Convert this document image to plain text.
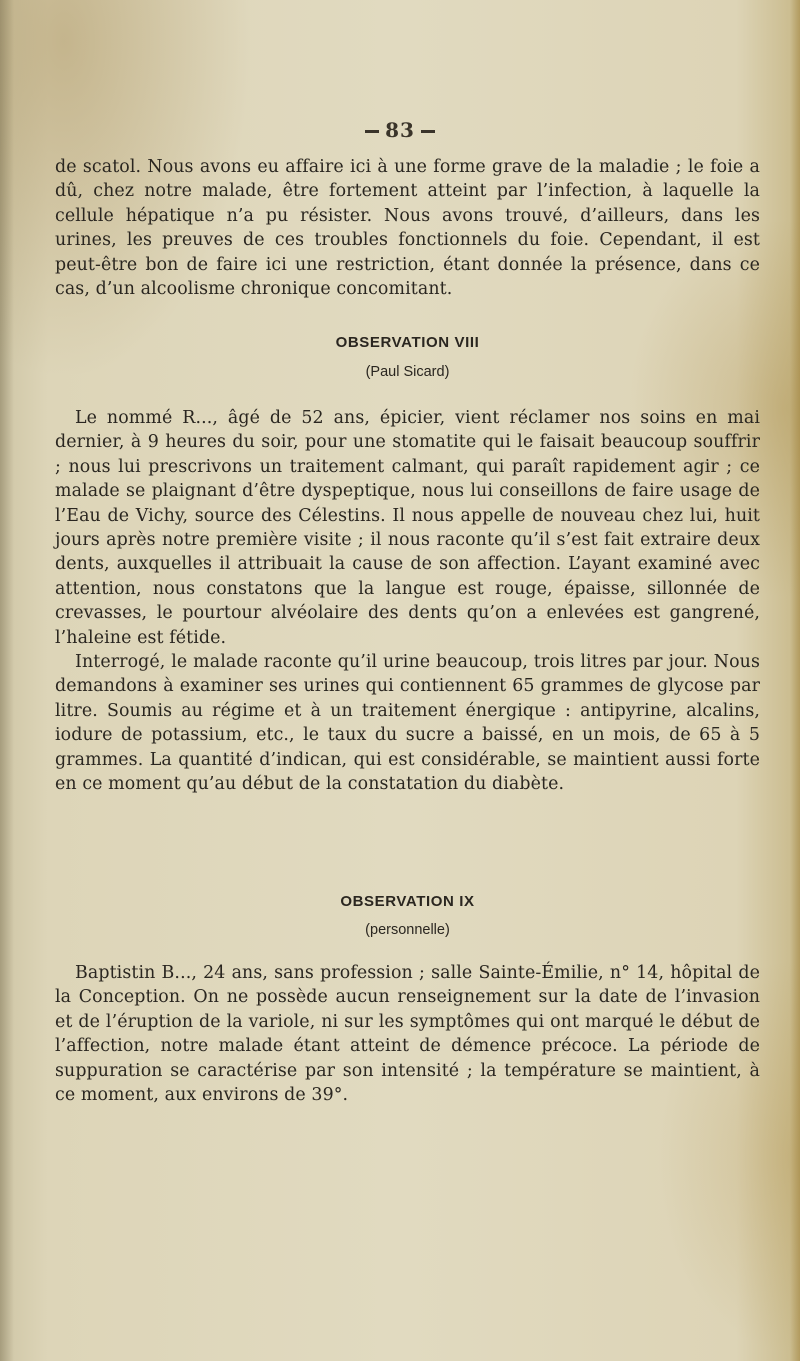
83

de scatol. Nous avons eu affaire ici à une forme grave de la maladie ; le foie a dû, chez notre malade, être fortement atteint par l’infection, à laquelle la cellule hépatique n’a pu résister. Nous avons trouvé, d’ailleurs, dans les urines, les preuves de ces troubles fonctionnels du foie. Cependant, il est peut-être bon de faire ici une restriction, étant donnée la présence, dans ce cas, d’un alcoolisme chronique concomitant.

OBSERVATION VIII
(Paul Sicard)

Le nommé R..., âgé de 52 ans, épicier, vient réclamer nos soins en mai dernier, à 9 heures du soir, pour une stomatite qui le faisait beaucoup souffrir ; nous lui prescrivons un traitement calmant, qui paraît rapidement agir ; ce malade se plaignant d’être dyspeptique, nous lui conseillons de faire usage de l’Eau de Vichy, source des Célestins. Il nous appelle de nouveau chez lui, huit jours après notre première visite ; il nous raconte qu’il s’est fait extraire deux dents, auxquelles il attribuait la cause de son affection. L’ayant examiné avec attention, nous constatons que la langue est rouge, épaisse, sillonnée de crevasses, le pourtour alvéolaire des dents qu’on a enlevées est gangrené, l’haleine est fétide.

Interrogé, le malade raconte qu’il urine beaucoup, trois litres par jour. Nous demandons à examiner ses urines qui contiennent 65 grammes de glycose par litre. Soumis au régime et à un traitement énergique : antipyrine, alcalins, iodure de potassium, etc., le taux du sucre a baissé, en un mois, de 65 à 5 grammes. La quantité d’indican, qui est considérable, se maintient aussi forte en ce moment qu’au début de la constatation du diabète.

OBSERVATION IX
(personnelle)

Baptistin B..., 24 ans, sans profession ; salle Sainte-Émilie, n° 14, hôpital de la Conception. On ne possède aucun renseignement sur la date de l’invasion et de l’éruption de la variole, ni sur les symptômes qui ont marqué le début de l’affection, notre malade étant atteint de démence précoce. La période de suppuration se caractérise par son intensité ; la température se maintient, à ce moment, aux environs de 39°.
